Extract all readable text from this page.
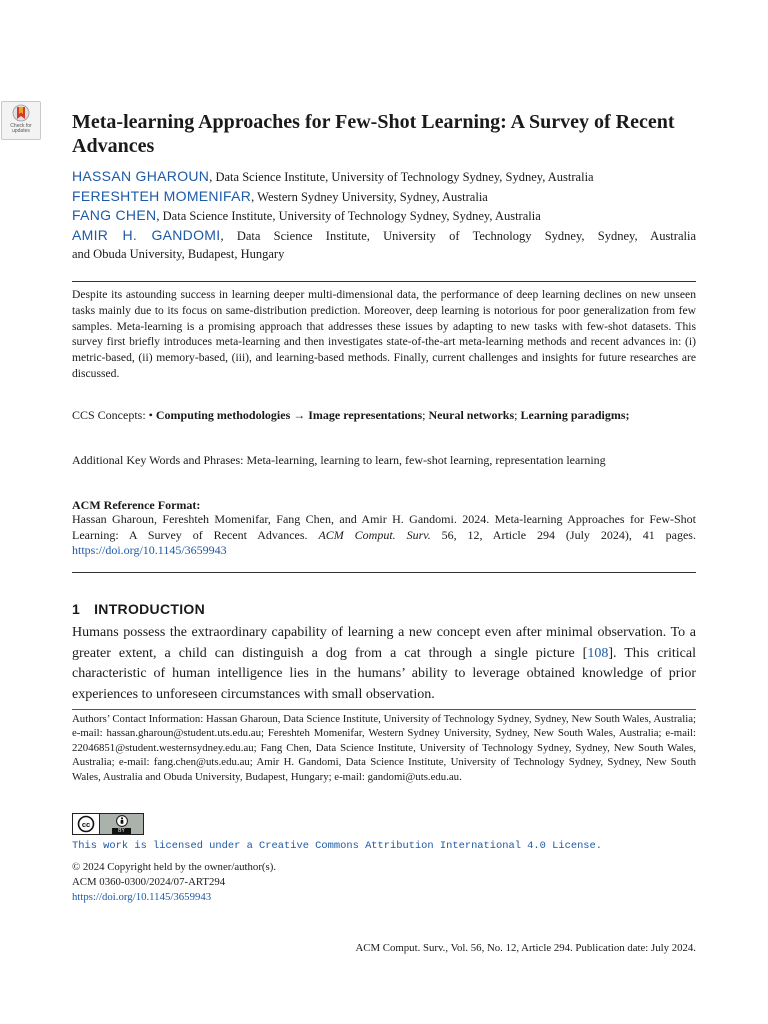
Check for
updates	Meta-learning Approaches for Few-Shot Learning: A Survey of Recent Advances
HASSAN GHAROUN, Data Science Institute, University of Technology Sydney, Sydney, Australia
FERESHTEH MOMENIFAR, Western Sydney University, Sydney, Australia
FANG CHEN, Data Science Institute, University of Technology Sydney, Sydney, Australia
AMIR H. GANDOMI, Data Science Institute, University of Technology Sydney, Sydney, Australia
and Obuda University, Budapest, Hungary

Despite its astounding success in learning deeper multi-dimensional data, the performance of deep learning declines on new unseen tasks mainly due to its focus on same-distribution prediction. Moreover, deep learning is notorious for poor generalization from few samples. Meta-learning is a promising approach that addresses these issues by adapting to new tasks with few-shot datasets. This survey first briefly introduces meta-learning and then investigates state-of-the-art meta-learning methods and recent advances in: (i) metric-based, (ii) memory-based, (iii), and learning-based methods. Finally, current challenges and insights for future researches are discussed.

CCS Concepts: • Computing methodologies → Image representations; Neural networks; Learning paradigms;

Additional Key Words and Phrases: Meta-learning, learning to learn, few-shot learning, representation learning

ACM Reference Format:

Hassan Gharoun, Fereshteh Momenifar, Fang Chen, and Amir H. Gandomi. 2024. Meta-learning Approaches for Few-Shot Learning: A Survey of Recent Advances. ACM Comput. Surv. 56, 12, Article 294 (July 2024), 41 pages. https://doi.org/10.1145/3659943

1 INTRODUCTION

Humans possess the extraordinary capability of learning a new concept even after minimal observation. To a greater extent, a child can distinguish a dog from a cat through a single picture [108]. This critical characteristic of human intelligence lies in the humans’ ability to leverage obtained knowledge of prior experiences to unforeseen circumstances with small observation.

Authors’ Contact Information: Hassan Gharoun, Data Science Institute, University of Technology Sydney, Sydney, New South Wales, Australia; e-mail: hassan.gharoun@student.uts.edu.au; Fereshteh Momenifar, Western Sydney University, Sydney, New South Wales, Australia; e-mail: 22046851@student.westernsydney.edu.au; Fang Chen, Data Science Institute, University of Technology Sydney, Sydney, New South Wales, Australia; e-mail: fang.chen@uts.edu.au; Amir H. Gandomi, Data Science Institute, University of Technology Sydney, Sydney, New South Wales, Australia and Obuda University, Budapest, Hungary; e-mail: gandomi@uts.edu.au.

cc
BY

This work is licensed under a Creative Commons Attribution International 4.0 License.

© 2024 Copyright held by the owner/author(s).
ACM 0360-0300/2024/07-ART294
https://doi.org/10.1145/3659943

ACM Comput. Surv., Vol. 56, No. 12, Article 294. Publication date: July 2024.
